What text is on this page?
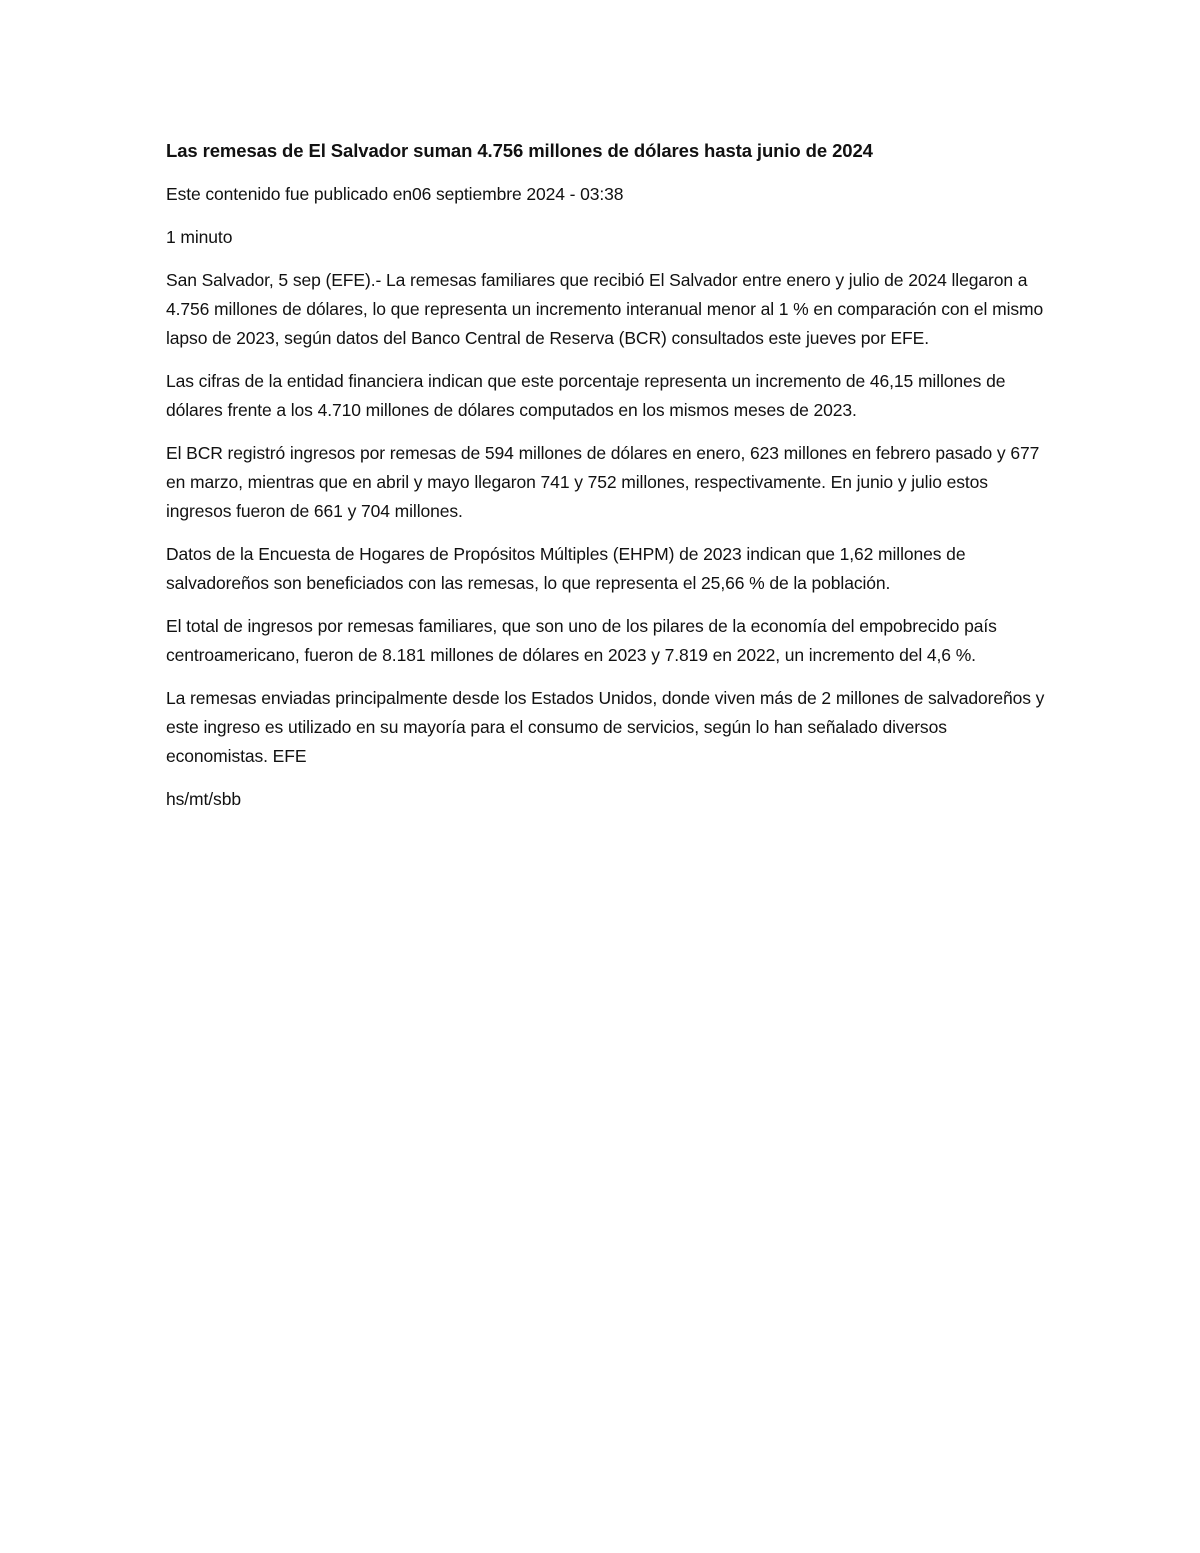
Las remesas de El Salvador suman 4.756 millones de dólares hasta junio de 2024

Este contenido fue publicado en06 septiembre 2024 - 03:38

1 minuto

San Salvador, 5 sep (EFE).- La remesas familiares que recibió El Salvador entre enero y julio de 2024 llegaron a 4.756 millones de dólares, lo que representa un incremento interanual menor al 1 % en comparación con el mismo lapso de 2023, según datos del Banco Central de Reserva (BCR) consultados este jueves por EFE.

Las cifras de la entidad financiera indican que este porcentaje representa un incremento de 46,15 millones de dólares frente a los 4.710 millones de dólares computados en los mismos meses de 2023.

El BCR registró ingresos por remesas de 594 millones de dólares en enero, 623 millones en febrero pasado y 677 en marzo, mientras que en abril y mayo llegaron 741 y 752 millones, respectivamente. En junio y julio estos ingresos fueron de 661 y 704 millones.

Datos de la Encuesta de Hogares de Propósitos Múltiples (EHPM) de 2023 indican que 1,62 millones de salvadoreños son beneficiados con las remesas, lo que representa el 25,66 % de la población.

El total de ingresos por remesas familiares, que son uno de los pilares de la economía del empobrecido país centroamericano, fueron de 8.181 millones de dólares en 2023 y 7.819 en 2022, un incremento del 4,6 %.

La remesas enviadas principalmente desde los Estados Unidos, donde viven más de 2 millones de salvadoreños y este ingreso es utilizado en su mayoría para el consumo de servicios, según lo han señalado diversos economistas. EFE

hs/mt/sbb
